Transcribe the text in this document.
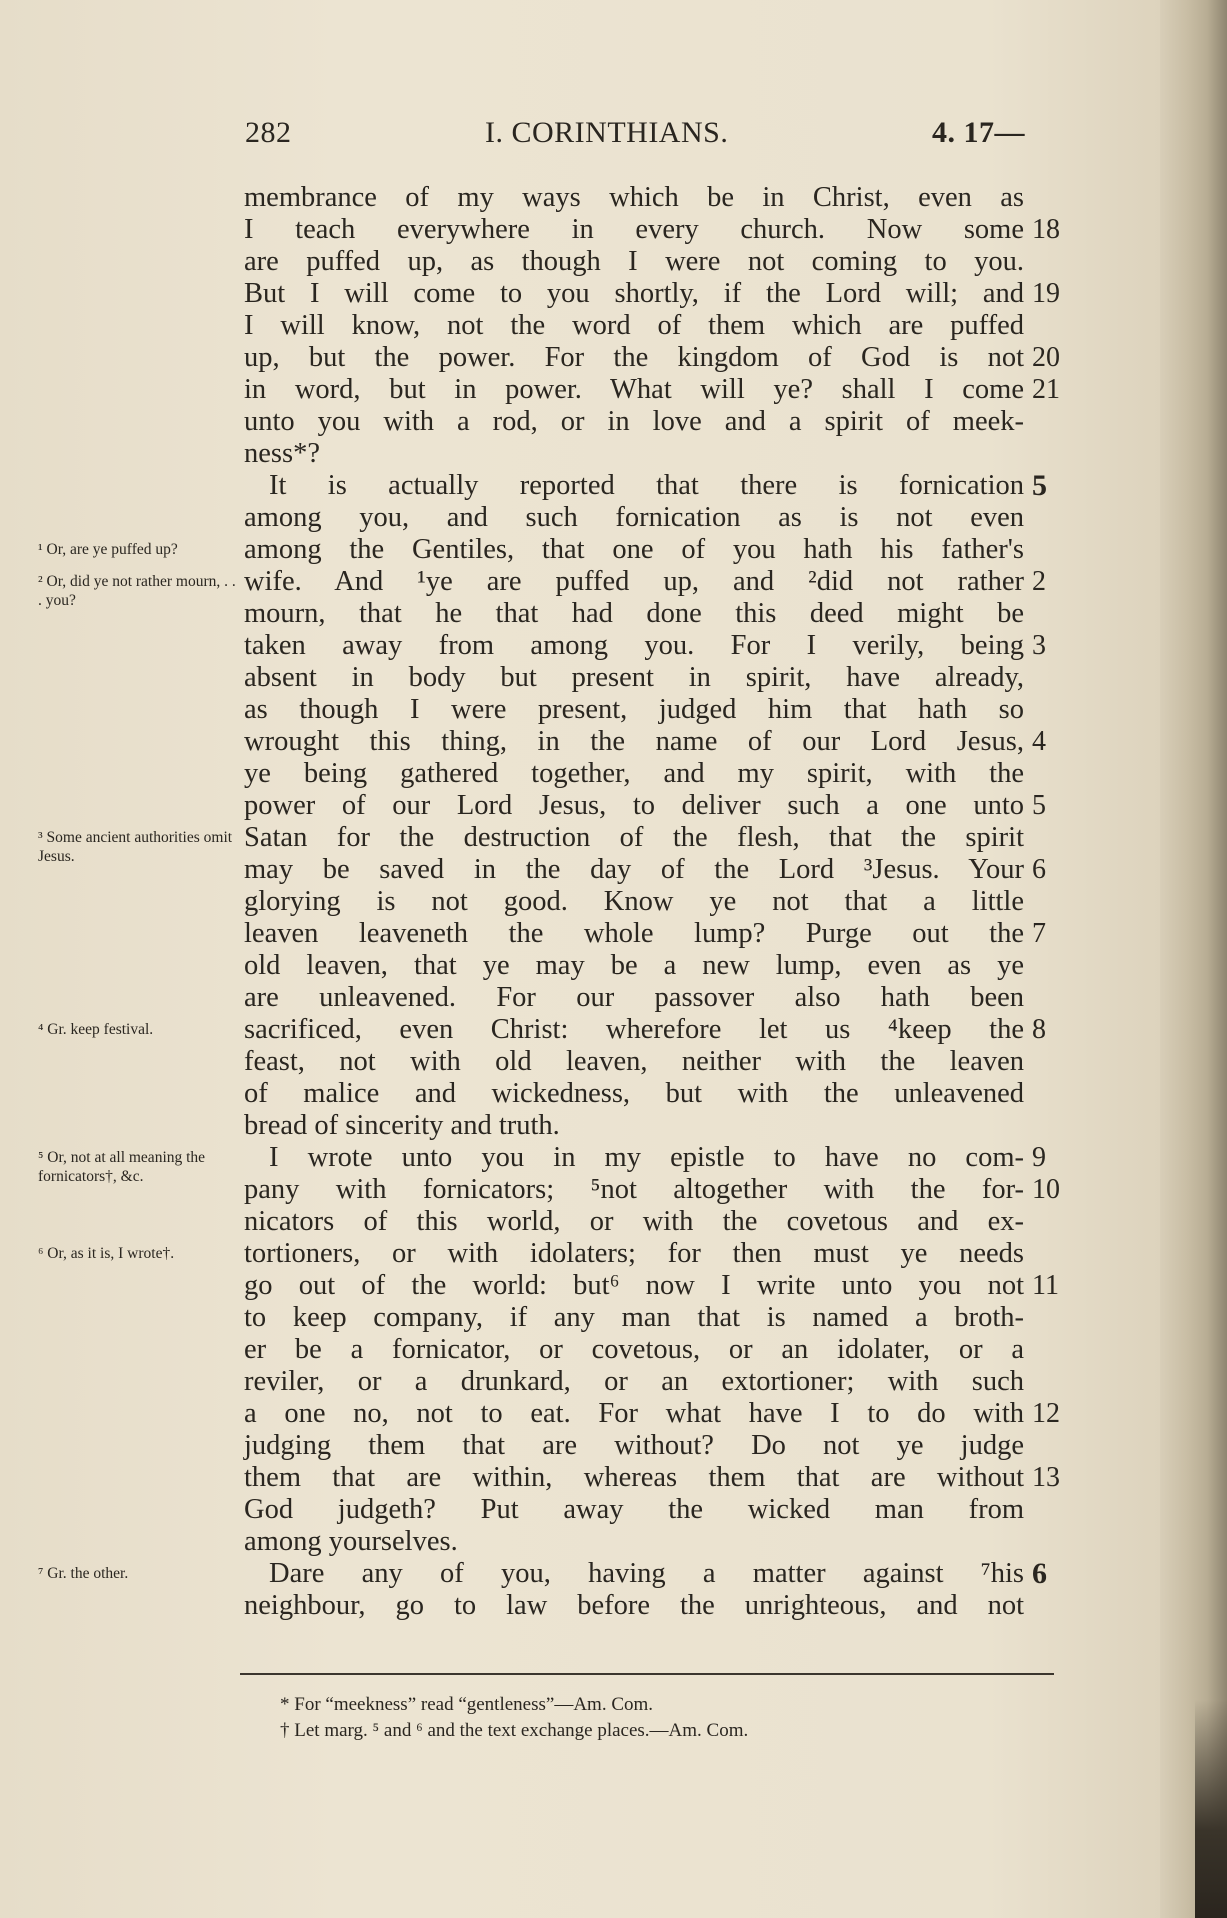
282	I. CORINTHIANS.	4. 17—
membrance of my ways which be in Christ, even as
I teach everywhere in every church. Now some 18
are puffed up, as though I were not coming to you.
But I will come to you shortly, if the Lord will; and 19
I will know, not the word of them which are puffed
up, but the power. For the kingdom of God is not 20
in word, but in power. What will ye? shall I come 21
unto you with a rod, or in love and a spirit of meek-
ness*?
It is actually reported that there is fornication 5
among you, and such fornication as is not even
among the Gentiles, that one of you hath his father's
wife. And ¹ye are puffed up, and ²did not rather 2
mourn, that he that had done this deed might be
taken away from among you. For I verily, being 3
absent in body but present in spirit, have already,
as though I were present, judged him that hath so
wrought this thing, in the name of our Lord Jesus, 4
ye being gathered together, and my spirit, with the
power of our Lord Jesus, to deliver such a one unto 5
Satan for the destruction of the flesh, that the spirit
may be saved in the day of the Lord ³Jesus. Your 6
glorying is not good. Know ye not that a little
leaven leaveneth the whole lump? Purge out the 7
old leaven, that ye may be a new lump, even as ye
are unleavened. For our passover also hath been
sacrificed, even Christ: wherefore let us ⁴keep the 8
feast, not with old leaven, neither with the leaven
of malice and wickedness, but with the unleavened
bread of sincerity and truth.
I wrote unto you in my epistle to have no com- 9
pany with fornicators; ⁵not altogether with the for- 10
nicators of this world, or with the covetous and ex-
tortioners, or with idolaters; for then must ye needs
go out of the world: but⁶ now I write unto you not 11
to keep company, if any man that is named a broth-
er be a fornicator, or covetous, or an idolater, or a
reviler, or a drunkard, or an extortioner; with such
a one no, not to eat. For what have I to do with 12
judging them that are without? Do not ye judge
them that are within, whereas them that are without 13
God judgeth? Put away the wicked man from
among yourselves.
Dare any of you, having a matter against ⁷his 6
neighbour, go to law before the unrighteous, and not
¹ Or, are ye puffed up?
² Or, did ye not rather mourn, . . . you?
³ Some ancient authorities omit Jesus.
⁴ Gr. keep festival.
⁵ Or, not at all meaning the fornicators†, &c.
⁶ Or, as it is, I wrote†.
⁷ Gr. the other.
* For “meekness” read “gentleness”—Am. Com.
† Let marg. ⁵ and ⁶ and the text exchange places.—Am. Com.
